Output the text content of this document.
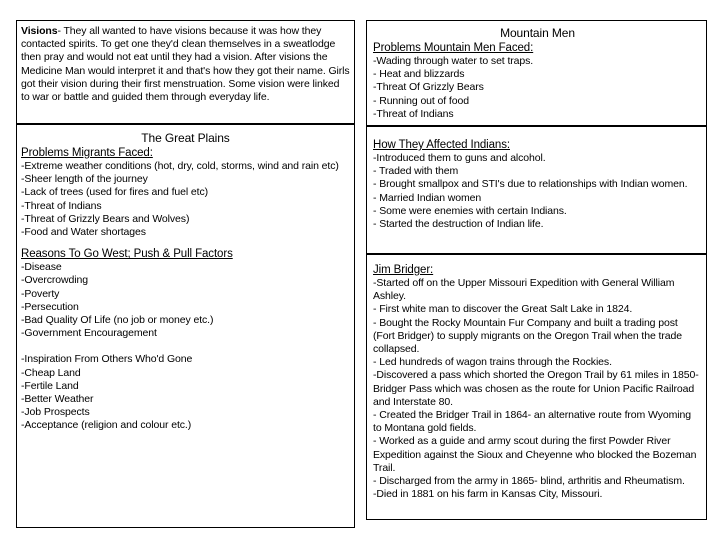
Visions- They all wanted to have visions because it was how they contacted spirits. To get one they'd clean themselves in a sweatlodge then pray and would not eat until they had a vision. After visions the Medicine Man would interpret it and that's how they got their name. Girls got their vision during their first menstruation. Some vision were linked to war or battle and guided them through everyday life.
The Great Plains
Problems Migrants Faced:
-Extreme weather conditions (hot, dry, cold, storms, wind and rain etc)
-Sheer length of the journey
-Lack of trees (used for fires and fuel etc)
-Threat of Indians
-Threat of Grizzly Bears and Wolves)
-Food and Water shortages
Reasons To Go West; Push & Pull Factors
-Disease
-Overcrowding
-Poverty
-Persecution
-Bad Quality Of Life (no job or money etc.)
-Government Encouragement
-Inspiration From Others Who'd Gone
-Cheap Land
-Fertile Land
-Better Weather
-Job Prospects
-Acceptance (religion and colour etc.)
Mountain Men
Problems Mountain Men Faced:
-Wading through water to set traps.
- Heat and blizzards
-Threat Of Grizzly Bears
- Running out of food
-Threat of Indians
How They Affected Indians:
-Introduced them to guns and alcohol.
- Traded with them
- Brought smallpox and STI's due to relationships with Indian women.
- Married Indian women
- Some were enemies with certain Indians.
- Started the destruction of Indian life.
Jim Bridger:
-Started off on the Upper Missouri Expedition with General William Ashley.
- First white man to discover the Great Salt Lake in 1824.
- Bought the Rocky Mountain Fur Company and built a trading post (Fort Bridger) to supply migrants on the Oregon Trail when the trade collapsed.
- Led hundreds of wagon trains through the Rockies.
-Discovered a pass which shorted the Oregon Trail by 61 miles in 1850- Bridger Pass which was chosen as the route for Union Pacific Railroad and Interstate 80.
- Created the Bridger Trail in 1864- an alternative route from Wyoming to Montana gold fields.
- Worked as a guide and army scout during the first Powder River Expedition against the Sioux and Cheyenne who blocked the Bozeman Trail.
- Discharged from the army in 1865- blind, arthritis and Rheumatism.
-Died in 1881 on his farm in Kansas City, Missouri.
